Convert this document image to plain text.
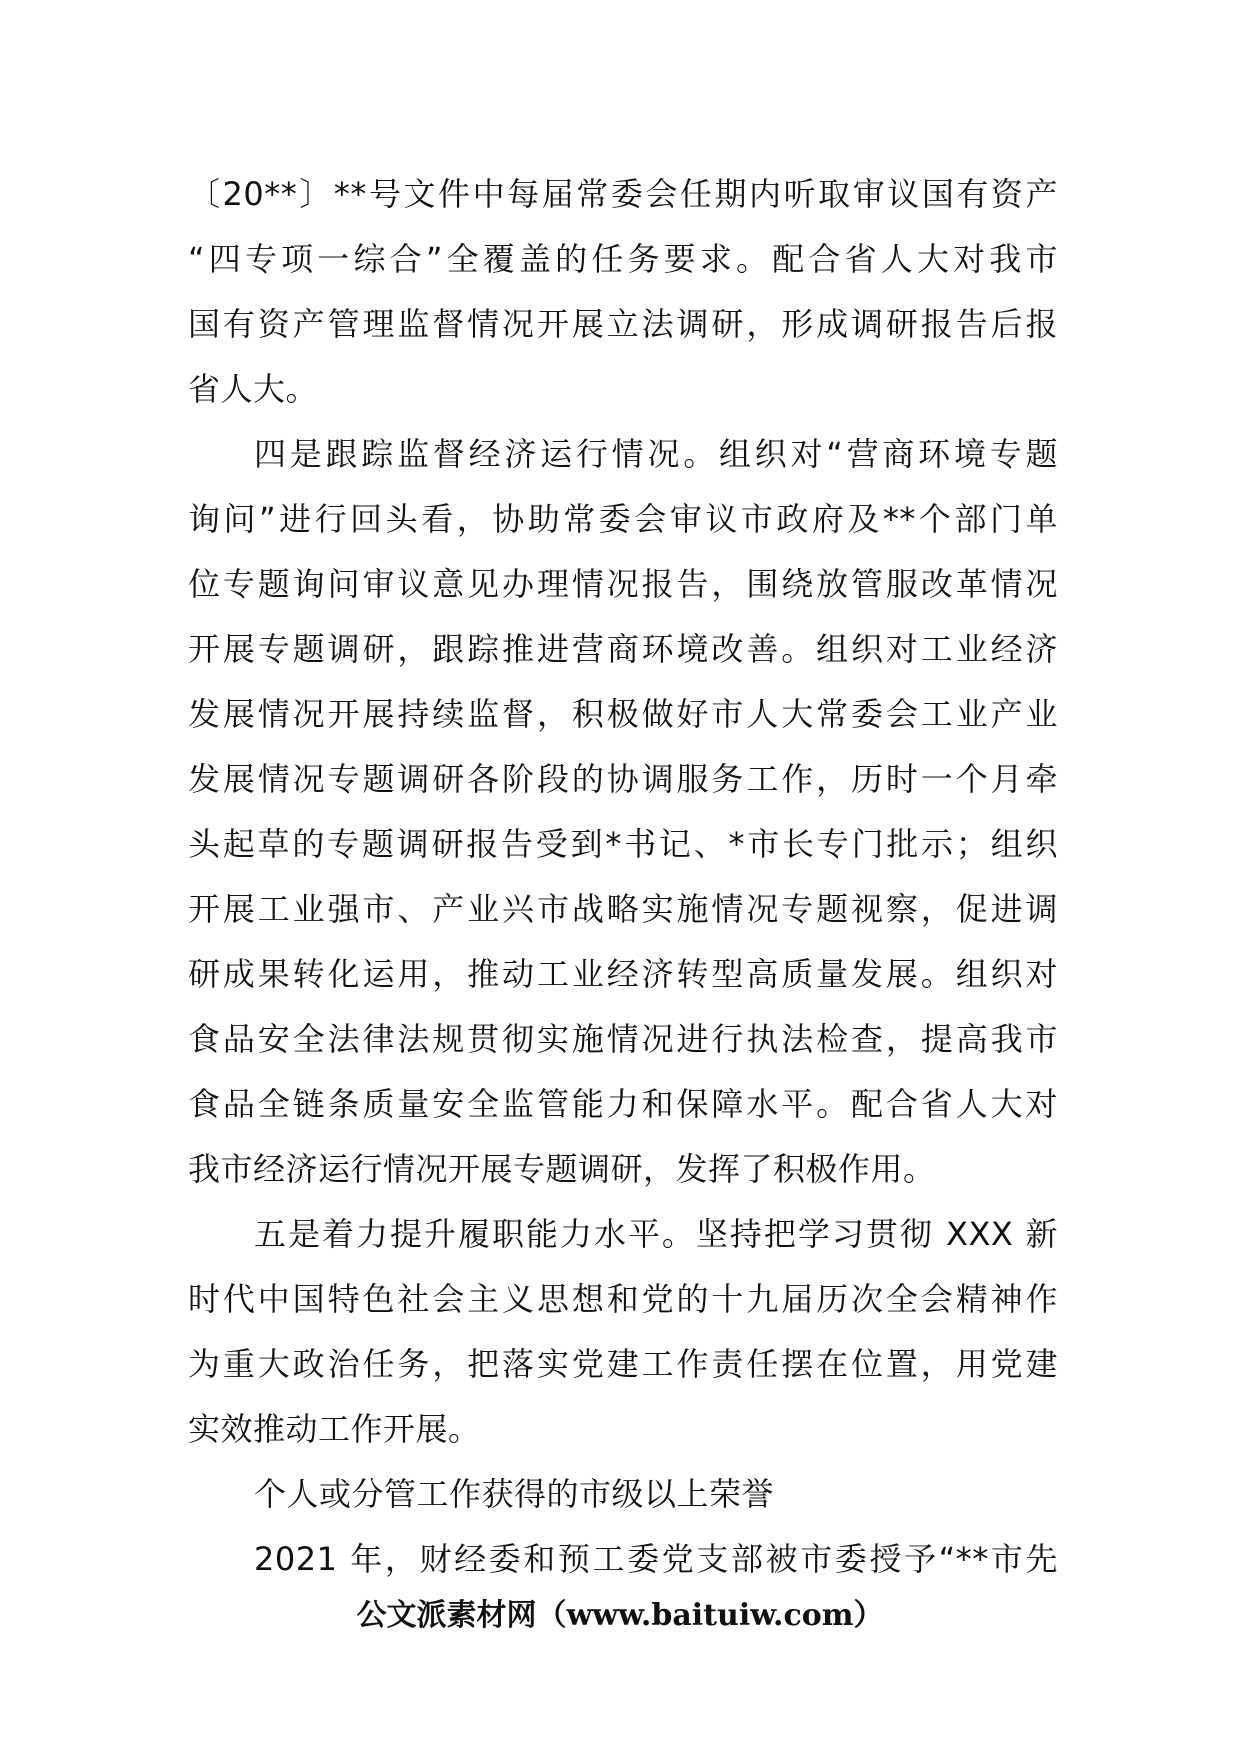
〔20**〕**号文件中每届常委会任期内听取审议国有资产
“四专项一综合”全覆盖的任务要求。配合省人大对我市
国有资产管理监督情况开展立法调研，形成调研报告后报
省人大。
四是跟踪监督经济运行情况。组织对“营商环境专题
询问”进行回头看，协助常委会审议市政府及**个部门单
位专题询问审议意见办理情况报告，围绕放管服改革情况
开展专题调研，跟踪推进营商环境改善。组织对工业经济
发展情况开展持续监督，积极做好市人大常委会工业产业
发展情况专题调研各阶段的协调服务工作，历时一个月牵
头起草的专题调研报告受到*书记、*市长专门批示；组织
开展工业强市、产业兴市战略实施情况专题视察，促进调
研成果转化运用，推动工业经济转型高质量发展。组织对
食品安全法律法规贯彻实施情况进行执法检查，提高我市
食品全链条质量安全监管能力和保障水平。配合省人大对
我市经济运行情况开展专题调研，发挥了积极作用。
五是着力提升履职能力水平。坚持把学习贯彻 XXX 新
时代中国特色社会主义思想和党的十九届历次全会精神作
为重大政治任务，把落实党建工作责任摆在位置，用党建
实效推动工作开展。
个人或分管工作获得的市级以上荣誉
2021 年，财经委和预工委党支部被市委授予“**市先
公文派素材网（www.baituiw.com）
